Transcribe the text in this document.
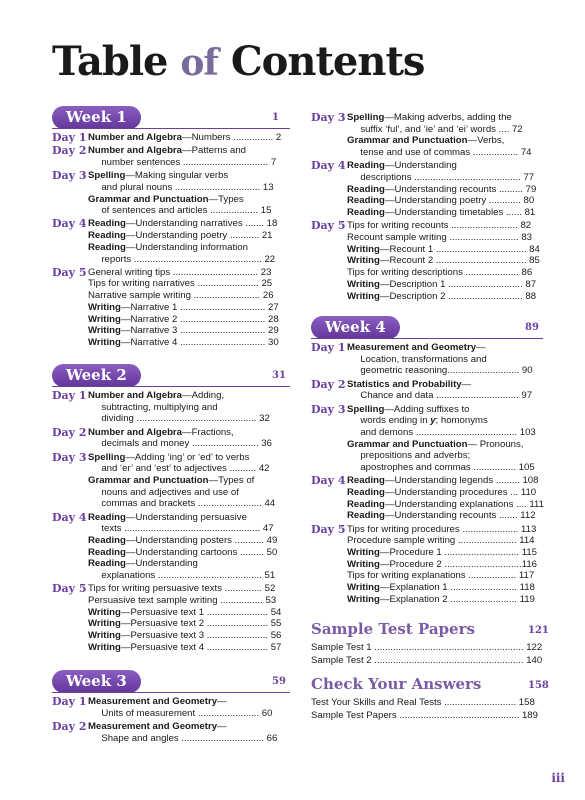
Table of Contents
Week 1	1
Day 1 Number and Algebra—Numbers ............... 2
Day 2 Number and Algebra—Patterns and
number sentences ................................ 7
Day 3 Spelling—Making singular verbs
and plural nouns ................................ 13
Grammar and Punctuation—Types
of sentences and articles .................. 15
Day 4 Reading—Understanding narratives ....... 18
Reading—Understanding poetry ........... 21
Reading—Understanding information
reports ................................................ 22
Day 5 General writing tips ................................ 23
Tips for writing narratives ....................... 25
Narrative sample writing ......................... 26
Writing—Narrative 1 ................................ 27
Writing—Narrative 2 ................................ 28
Writing—Narrative 3 ................................ 29
Writing—Narrative 4 ................................ 30
Week 2	31
Day 1 Number and Algebra—Adding,
subtracting, multiplying and
dividing ............................................. 32
Day 2 Number and Algebra—Fractions,
decimals and money ......................... 36
Day 3 Spelling—Adding ‘ing’ or ‘ed’ to verbs
and ‘er’ and ‘est’ to adjectives .......... 42
Grammar and Punctuation—Types of
nouns and adjectives and use of
commas and brackets ........................ 44
Day 4 Reading—Understanding persuasive
texts ................................................... 47
Reading—Understanding posters ........... 49
Reading—Understanding cartoons ......... 50
Reading—Understanding
explanations ....................................... 51
Day 5 Tips for writing persuasive texts .............. 52
Persuasive text sample writing ................ 53
Writing—Persuasive text 1 ....................... 54
Writing—Persuasive text 2 ....................... 55
Writing—Persuasive text 3 ....................... 56
Writing—Persuasive text 4 ....................... 57
Week 3	59
Day 1 Measurement and Geometry—
Units of measurement ....................... 60
Day 2 Measurement and Geometry—
Shape and angles ............................... 66
Day 3 Spelling—Making adverbs, adding the
suffix ‘ful’, and ‘ie’ and ‘ei’ words .... 72
Grammar and Punctuation—Verbs,
tense and use of commas ................. 74
Day 4 Reading—Understanding
descriptions ........................................ 77
Reading—Understanding recounts ......... 79
Reading—Understanding poetry ............ 80
Reading—Understanding timetables ...... 81
Day 5 Tips for writing recounts ......................... 82
Recount sample writing .......................... 83
Writing—Recount 1 .................................. 84
Writing—Recount 2 .................................. 85
Tips for writing descriptions .................... 86
Writing—Description 1 ............................ 87
Writing—Description 2 ............................ 88
Week 4	89
Day 1 Measurement and Geometry—
Location, transformations and
geometric reasoning........................... 90
Day 2 Statistics and Probability—
Chance and data ............................... 97
Day 3 Spelling—Adding suffixes to
words ending in y; homonyms
and demons ...................................... 103
Grammar and Punctuation— Pronouns,
prepositions and adverbs;
apostrophes and commas ................ 105
Day 4 Reading—Understanding legends ......... 108
Reading—Understanding procedures ... 110
Reading—Understanding explanations .... 111
Reading—Understanding recounts ....... 112
Day 5 Tips for writing procedures ..................... 113
Procedure sample writing ...................... 114
Writing—Procedure 1 ............................ 115
Writing—Procedure 2 .............................116
Tips for writing explanations .................. 117
Writing—Explanation 1 ......................... 118
Writing—Explanation 2 ......................... 119
Sample Test Papers	121
Sample Test 1 ........................................................ 122
Sample Test 2 ........................................................ 140
Check Your Answers	158
Test Your Skills and Real Tests ........................... 158
Sample Test Papers ............................................. 189
iii
